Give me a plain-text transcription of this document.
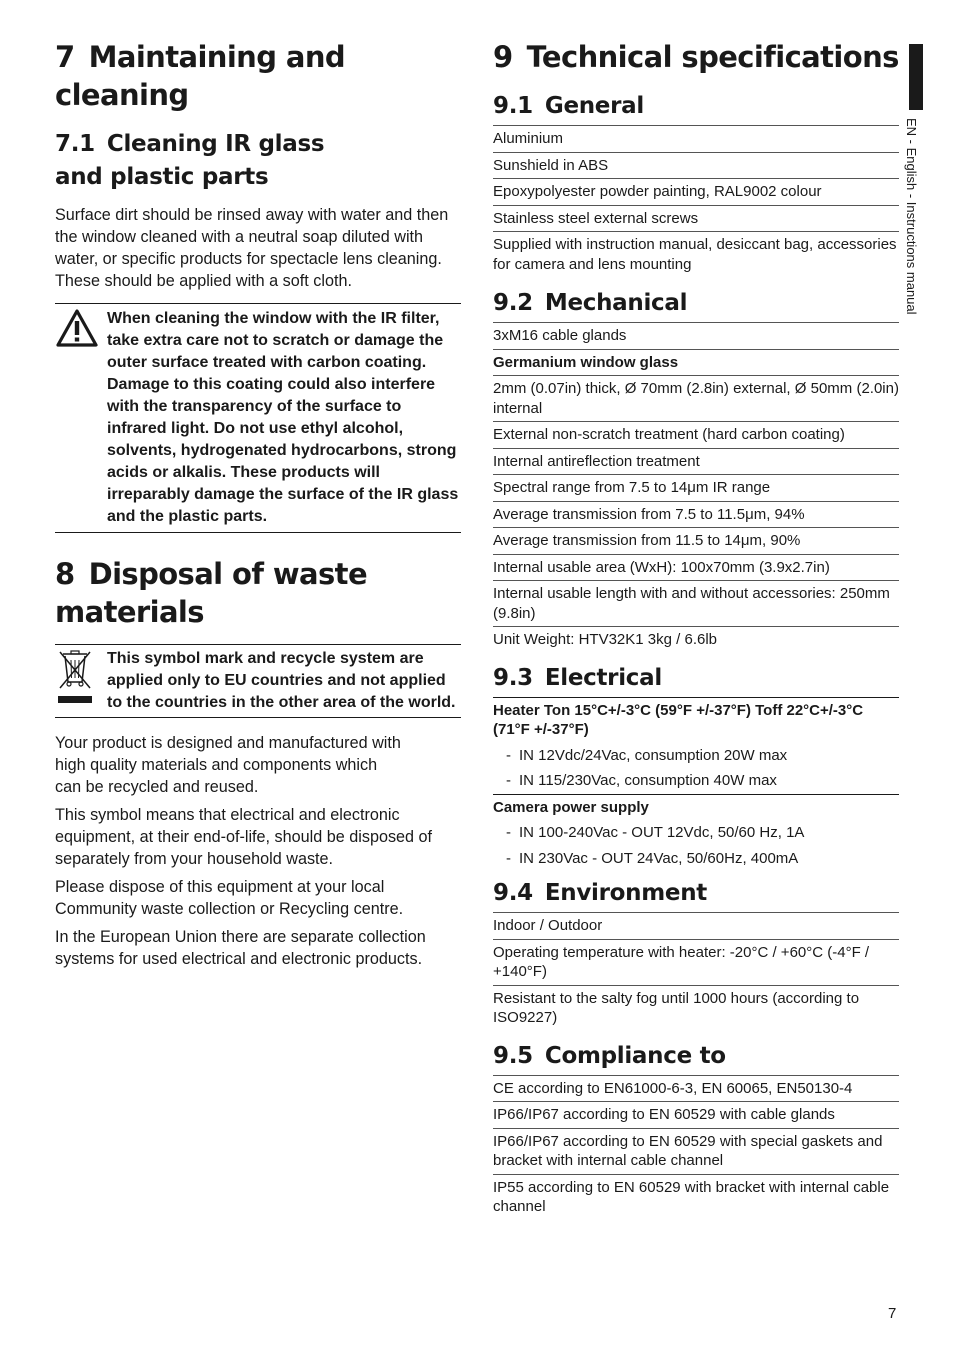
EN - English - Instructions manual
7 Maintaining and cleaning
7.1 Cleaning IR glass
and plastic parts

Surface dirt should be rinsed away with water and then the window cleaned with a neutral soap diluted with water, or specific products for spectacle lens cleaning. These should be applied with a soft cloth.

When cleaning the window with the IR filter, take extra care not to scratch or damage the outer surface treated with carbon coating. Damage to this coating could also interfere with the transparency of the surface to infrared light. Do not use ethyl alcohol, solvents, hydrogenated hydrocarbons, strong acids or alkalis. These products will irreparably damage the surface of the IR glass and the plastic parts.
8 Disposal of waste
materials
This symbol mark and recycle system are applied only to EU countries and not applied to the countries in the other area of the world.

Your product is designed and manufactured with high quality materials and components which can be recycled and reused.

This symbol means that electrical and electronic equipment, at their end-of-life, should be disposed of separately from your household waste.

Please dispose of this equipment at your local Community waste collection or Recycling centre.

In the European Union there are separate collection systems for used electrical and electronic products.

9 Technical specifications
9.1 General
Aluminium
Sunshield in ABS
Epoxypolyester powder painting, RAL9002 colour
Stainless steel external screws
Supplied with instruction manual, desiccant bag, accessories for camera and lens mounting
9.2 Mechanical
3xM16 cable glands
Germanium window glass
2mm (0.07in) thick, Ø 70mm (2.8in) external, Ø 50mm (2.0in) internal
External non-scratch treatment (hard carbon coating)
Internal antireflection treatment
Spectral range from 7.5 to 14μm IR range
Average transmission from 7.5 to 11.5μm, 94%
Average transmission from 11.5 to 14μm, 90%
Internal usable area (WxH): 100x70mm (3.9x2.7in)
Internal usable length with and without accessories: 250mm (9.8in)
Unit Weight: HTV32K1 3kg / 6.6lb
9.3 Electrical
Heater Ton 15°C+/-3°C (59°F +/-37°F) Toff 22°C+/-3°C (71°F +/-37°F)
- IN 12Vdc/24Vac, consumption 20W max
- IN 115/230Vac, consumption 40W max
Camera power supply
- IN 100-240Vac - OUT 12Vdc, 50/60 Hz, 1A
- IN 230Vac - OUT 24Vac, 50/60Hz, 400mA
9.4 Environment
Indoor / Outdoor
Operating temperature with heater: -20°C / +60°C (-4°F / +140°F)
Resistant to the salty fog until 1000 hours (according to ISO9227)
9.5 Compliance to
CE according to EN61000-6-3, EN 60065, EN50130-4
IP66/IP67 according to EN 60529 with cable glands
IP66/IP67 according to EN 60529 with special gaskets and bracket with internal cable channel
IP55 according to EN 60529 with bracket with internal cable channel
7
